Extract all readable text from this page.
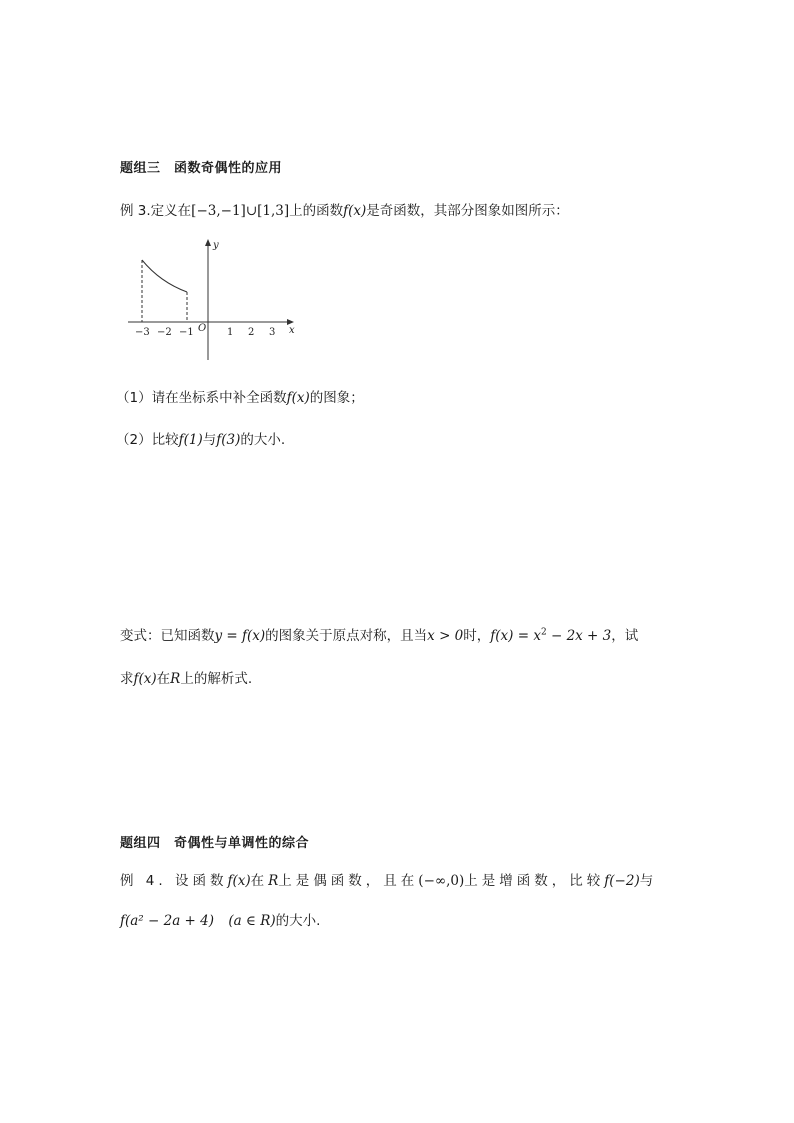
题组三　函数奇偶性的应用
例 3.定义在[−3,−1]∪[1,3]上的函数f(x)是奇函数，其部分图象如图所示：
y
x
O
−3 −2 −1	1 2 3
（1）请在坐标系中补全函数f(x)的图象；
（2）比较f(1)与f(3)的大小.
变式：已知函数y = f(x)的图象关于原点对称，且当x > 0时，$f(x) = x^2 - 2x + 3$，试
求f(x)在R上的解析式.
题组四　奇偶性与单调性的综合
例 4. 设函数f(x)在R上是偶函数，且在(−∞,0)上是增函数，比较f(−2)与
f(a² − 2a + 4) (a ∈ R)的大小.
